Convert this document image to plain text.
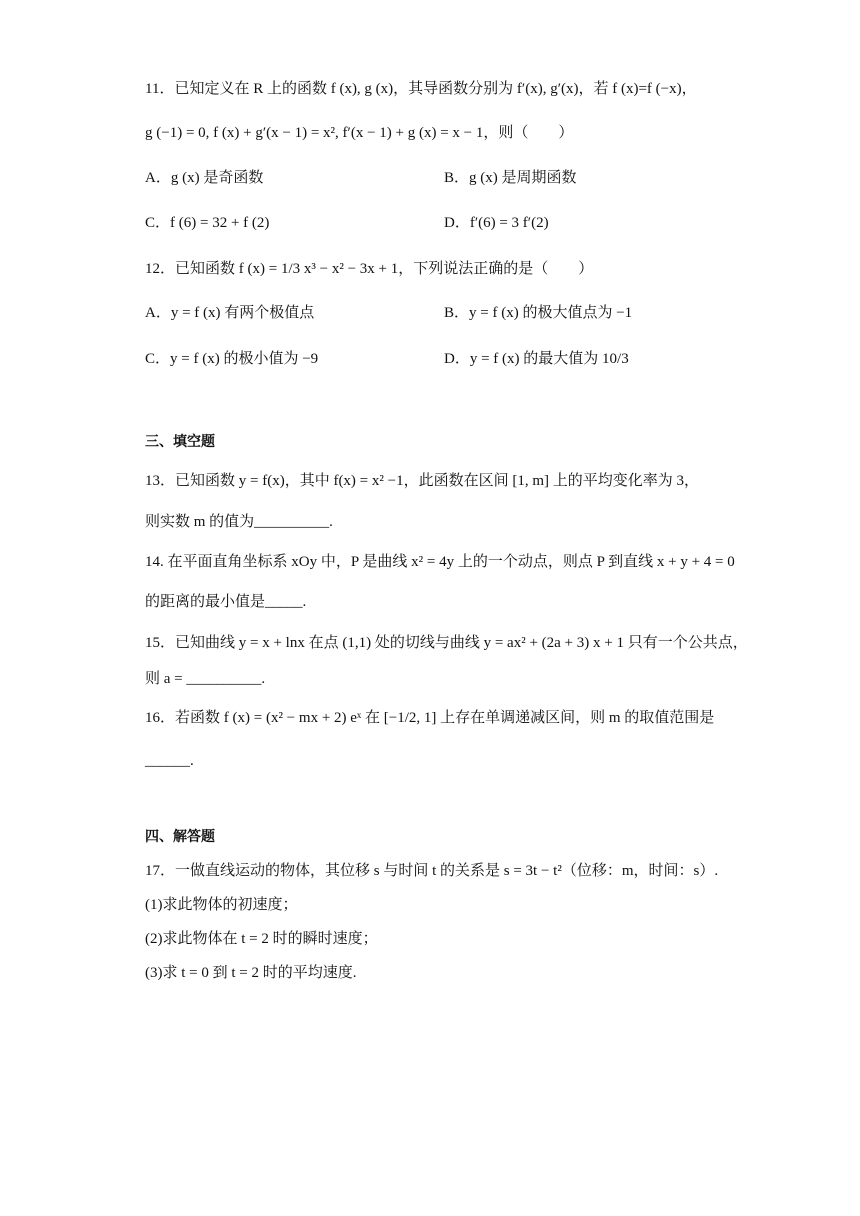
11．已知定义在 R 上的函数 f (x), g (x)，其导函数分别为 f′(x), g′(x)，若 f (x)=f (−x)，
g (−1) = 0, f (x) + g′(x − 1) = x², f′(x − 1) + g (x) = x − 1，则（　　）
A．g (x) 是奇函数	B．g (x) 是周期函数
C．f (6) = 32 + f (2)	D．f′(6) = 3 f′(2)
12．已知函数 f (x) = 1/3 x³ − x² − 3x + 1，下列说法正确的是（　　）
A．y = f (x) 有两个极值点	B．y = f (x) 的极大值点为 −1
C．y = f (x) 的极小值为 −9	D．y = f (x) 的最大值为 10/3
三、填空题
13．已知函数 y = f(x)，其中 f(x) = x² −1，此函数在区间 [1, m] 上的平均变化率为 3，
则实数 m 的值为__________.
14. 在平面直角坐标系 xOy 中，P 是曲线 x² = 4y 上的一个动点，则点 P 到直线 x + y + 4 = 0
的距离的最小值是_____.
15．已知曲线 y = x + lnx 在点 (1,1) 处的切线与曲线 y = ax² + (2a + 3) x + 1 只有一个公共点，
则 a = __________.
16．若函数 f (x) = (x² − mx + 2) eˣ 在 [−1/2, 1] 上存在单调递减区间，则 m 的取值范围是
______.
四、解答题
17．一做直线运动的物体，其位移 s 与时间 t 的关系是 s = 3t − t²（位移：m，时间：s）.
(1)求此物体的初速度；
(2)求此物体在 t = 2 时的瞬时速度；
(3)求 t = 0 到 t = 2 时的平均速度.
